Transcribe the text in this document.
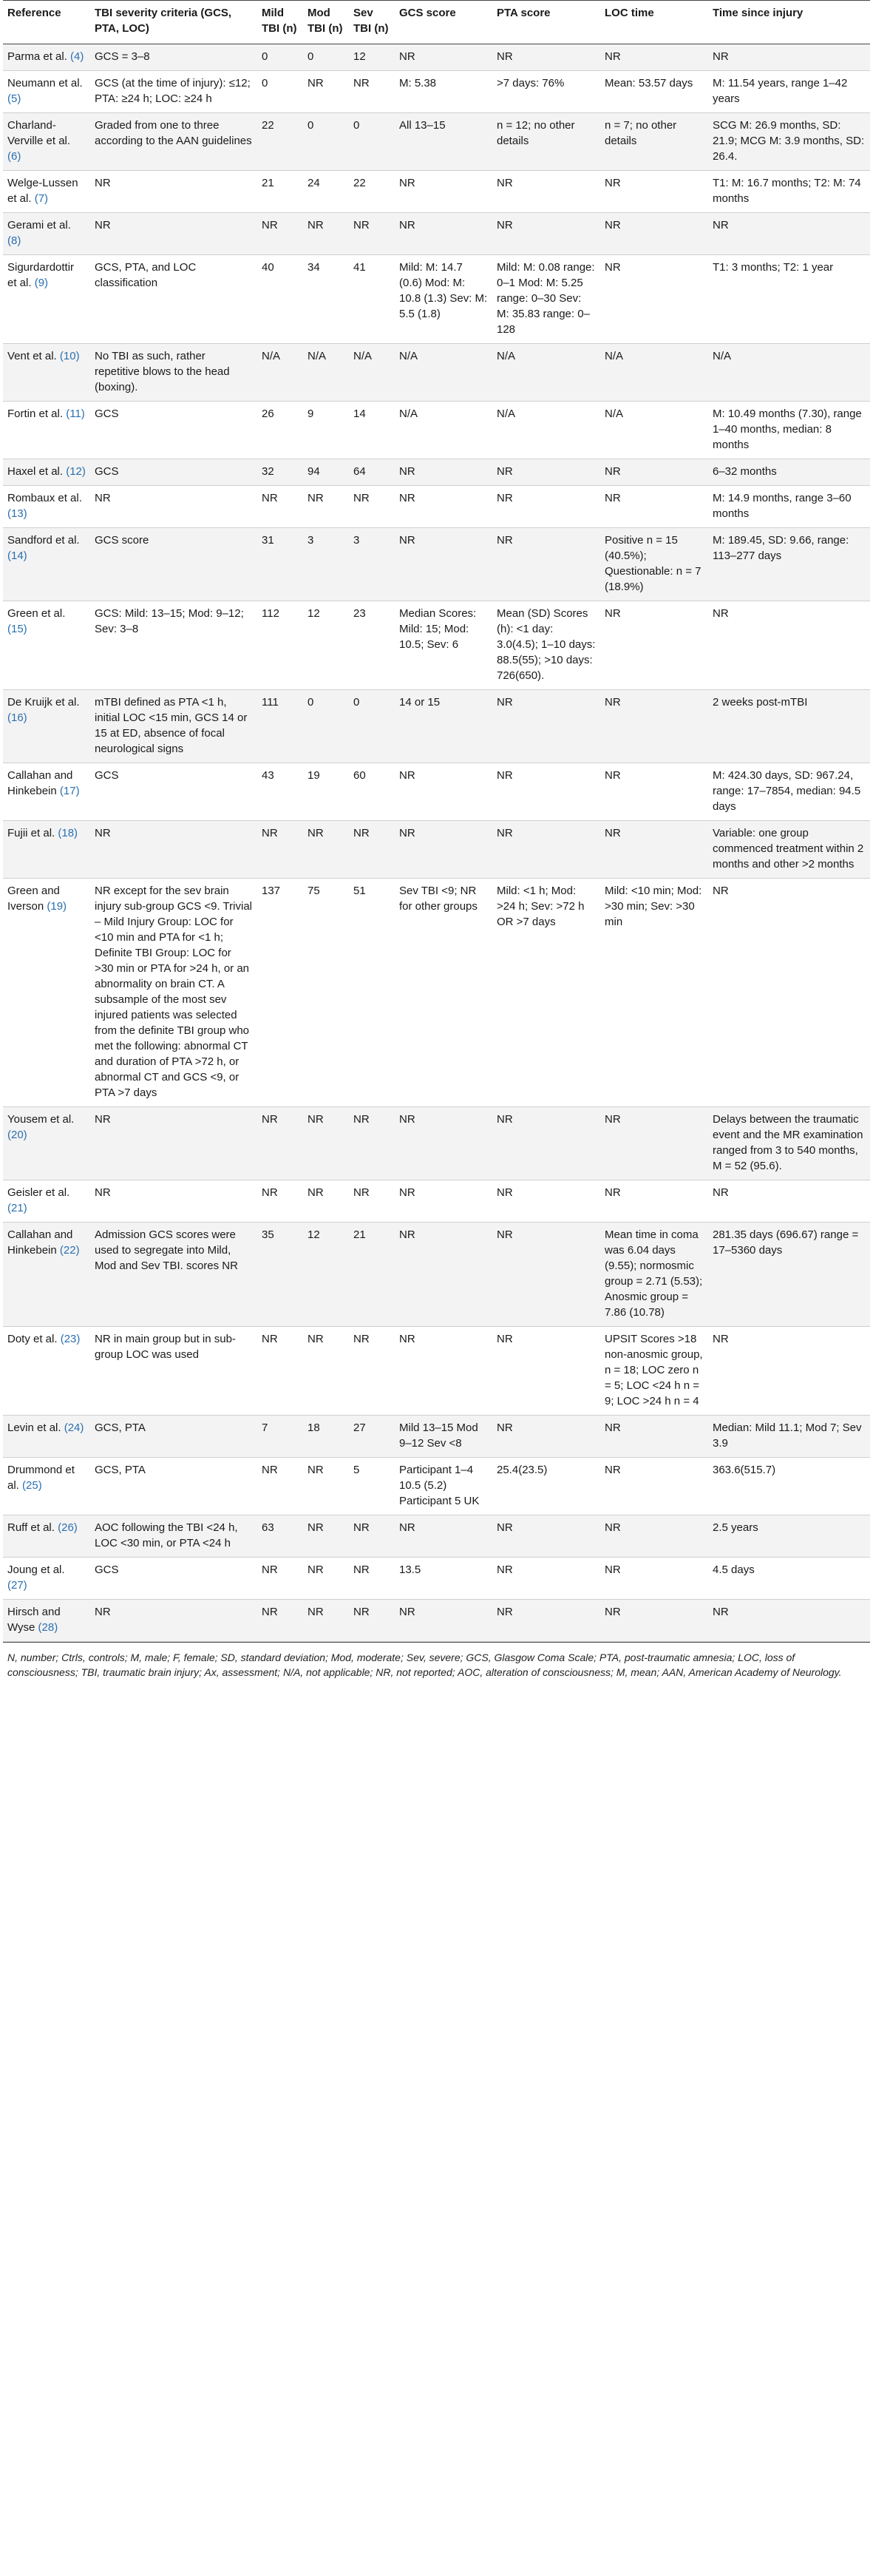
Reference	TBI severity criteria (GCS, PTA, LOC)	Mild TBI (n)	Mod TBI (n)	Sev TBI (n)	GCS score	PTA score	LOC time	Time since injury
Parma et al. (4)	GCS = 3–8	0	0	12	NR	NR	NR	NR
Neumann et al. (5)	GCS (at the time of injury): ≤12; PTA: ≥24 h; LOC: ≥24 h	0	NR	NR	M: 5.38	>7 days: 76%	Mean: 53.57 days	M: 11.54 years, range 1–42 years
Charland-Verville et al. (6)	Graded from one to three according to the AAN guidelines	22	0	0	All 13–15	n = 12; no other details	n = 7; no other details	SCG M: 26.9 months, SD: 21.9; MCG M: 3.9 months, SD: 26.4.
Welge-Lussen et al. (7)	NR	21	24	22	NR	NR	NR	T1: M: 16.7 months; T2: M: 74 months
Gerami et al. (8)	NR	NR	NR	NR	NR	NR	NR	NR
Sigurdardottir et al. (9)	GCS, PTA, and LOC classification	40	34	41	Mild: M: 14.7 (0.6) Mod: M: 10.8 (1.3) Sev: M: 5.5 (1.8)	Mild: M: 0.08 range: 0–1 Mod: M: 5.25 range: 0–30 Sev: M: 35.83 range: 0–128	NR	T1: 3 months; T2: 1 year
Vent et al. (10)	No TBI as such, rather repetitive blows to the head (boxing).	N/A	N/A	N/A	N/A	N/A	N/A	N/A
Fortin et al. (11)	GCS	26	9	14	N/A	N/A	N/A	M: 10.49 months (7.30), range 1–40 months, median: 8 months
Haxel et al. (12)	GCS	32	94	64	NR	NR	NR	6–32 months
Rombaux et al. (13)	NR	NR	NR	NR	NR	NR	NR	M: 14.9 months, range 3–60 months
Sandford et al. (14)	GCS score	31	3	3	NR	NR	Positive n = 15 (40.5%); Questionable: n = 7 (18.9%)	M: 189.45, SD: 9.66, range: 113–277 days
Green et al. (15)	GCS: Mild: 13–15; Mod: 9–12; Sev: 3–8	112	12	23	Median Scores: Mild: 15; Mod: 10.5; Sev: 6	Mean (SD) Scores (h): <1 day: 3.0(4.5); 1–10 days: 88.5(55); >10 days: 726(650).	NR	NR
De Kruijk et al. (16)	mTBI defined as PTA <1 h, initial LOC <15 min, GCS 14 or 15 at ED, absence of focal neurological signs	111	0	0	14 or 15	NR	NR	2 weeks post-mTBI
Callahan and Hinkebein (17)	GCS	43	19	60	NR	NR	NR	M: 424.30 days, SD: 967.24, range: 17–7854, median: 94.5 days
Fujii et al. (18)	NR	NR	NR	NR	NR	NR	NR	Variable: one group commenced treatment within 2 months and other >2 months
Green and Iverson (19)	NR except for the sev brain injury sub-group GCS <9. Trivial – Mild Injury Group: LOC for <10 min and PTA for <1 h; Definite TBI Group: LOC for >30 min or PTA for >24 h, or an abnormality on brain CT. A subsample of the most sev injured patients was selected from the definite TBI group who met the following: abnormal CT and duration of PTA >72 h, or abnormal CT and GCS <9, or PTA >7 days	137	75	51	Sev TBI <9; NR for other groups	Mild: <1 h; Mod: >24 h; Sev: >72 h OR >7 days	Mild: <10 min; Mod: >30 min; Sev: >30 min	NR
Yousem et al. (20)	NR	NR	NR	NR	NR	NR	NR	Delays between the traumatic event and the MR examination ranged from 3 to 540 months, M = 52 (95.6).
Geisler et al. (21)	NR	NR	NR	NR	NR	NR	NR	NR
Callahan and Hinkebein (22)	Admission GCS scores were used to segregate into Mild, Mod and Sev TBI. scores NR	35	12	21	NR	NR	Mean time in coma was 6.04 days (9.55); normosmic group = 2.71 (5.53); Anosmic group = 7.86 (10.78)	281.35 days (696.67) range = 17–5360 days
Doty et al. (23)	NR in main group but in sub-group LOC was used	NR	NR	NR	NR	NR	UPSIT Scores >18 non-anosmic group, n = 18; LOC zero n = 5; LOC <24 h n = 9; LOC >24 h n = 4	NR
Levin et al. (24)	GCS, PTA	7	18	27	Mild 13–15 Mod 9–12 Sev <8	NR	NR	Median: Mild 11.1; Mod 7; Sev 3.9
Drummond et al. (25)	GCS, PTA	NR	NR	5	Participant 1–4 10.5 (5.2) Participant 5 UK	25.4(23.5)	NR	363.6(515.7)
Ruff et al. (26)	AOC following the TBI <24 h, LOC <30 min, or PTA <24 h	63	NR	NR	NR	NR	NR	2.5 years
Joung et al. (27)	GCS	NR	NR	NR	13.5	NR	NR	4.5 days
Hirsch and Wyse (28)	NR	NR	NR	NR	NR	NR	NR	NR
N, number; Ctrls, controls; M, male; F, female; SD, standard deviation; Mod, moderate; Sev, severe; GCS, Glasgow Coma Scale; PTA, post-traumatic amnesia; LOC, loss of consciousness; TBI, traumatic brain injury; Ax, assessment; N/A, not applicable; NR, not reported; AOC, alteration of consciousness; M, mean; AAN, American Academy of Neurology.
